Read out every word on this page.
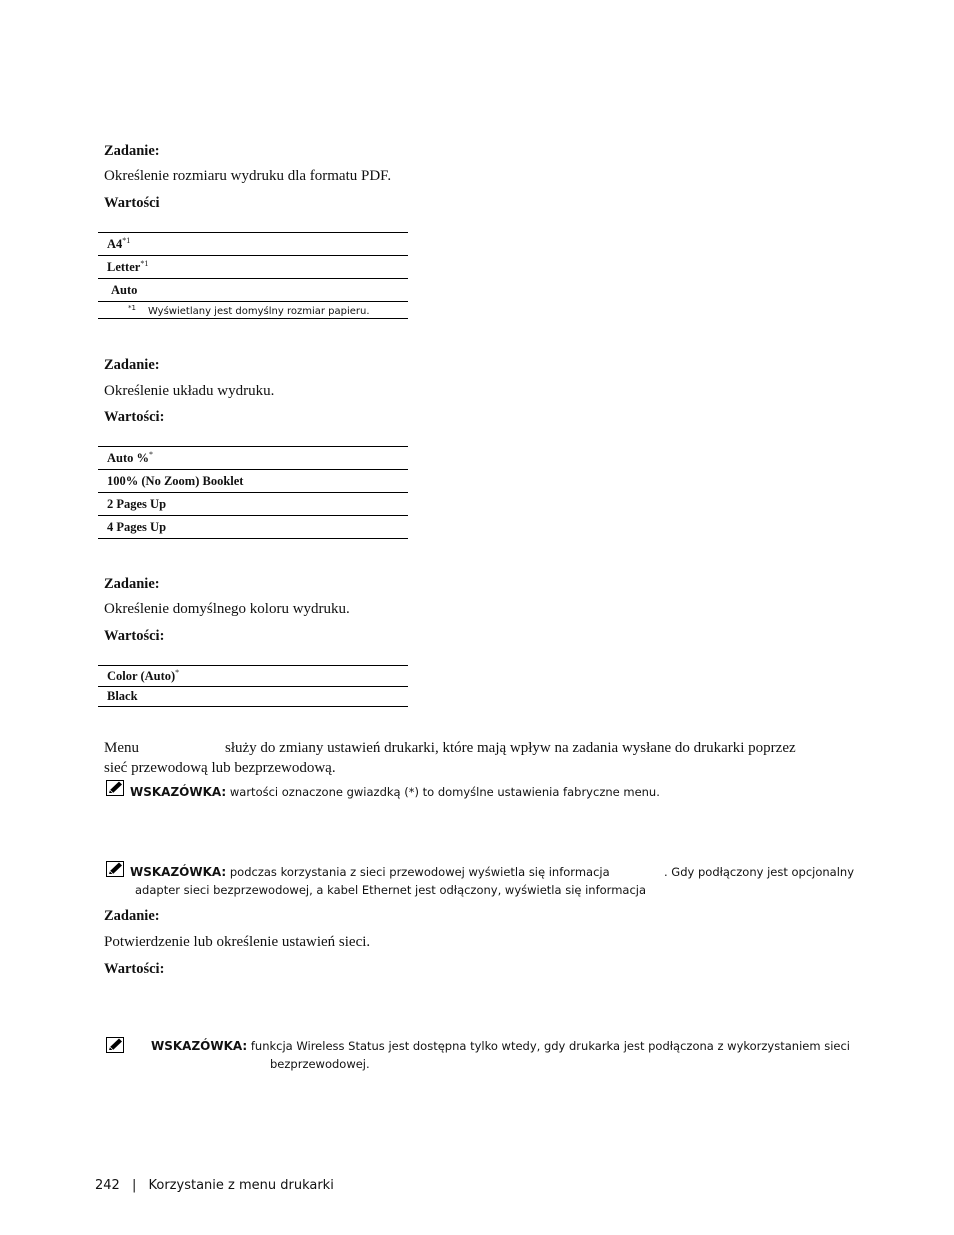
Zadanie:
Określenie rozmiaru wydruku dla formatu PDF.
Wartości
A4$^{*1}$
Letter$^{*1}$
Auto
$^{*1}$ Wyświetlany jest domyślny rozmiar papieru.
Zadanie:
Określenie układu wydruku.
Wartości:
Auto %*
100% (No Zoom) Booklet
2 Pages Up
4 Pages Up
Zadanie:
Określenie domyślnego koloru wydruku.
Wartości:
Color (Auto)*
Black
Menu	służy do zmiany ustawień drukarki, które mają wpływ na zadania wysłane do drukarki poprzez
sieć przewodową lub bezprzewodową.
WSKAZÓWKA: wartości oznaczone gwiazdką (*) to domyślne ustawienia fabryczne menu.
WSKAZÓWKA: podczas korzystania z sieci przewodowej wyświetla się informacja	. Gdy podłączony jest opcjonalny
adapter sieci bezprzewodowej, a kabel Ethernet jest odłączony, wyświetla się informacja
Zadanie:
Potwierdzenie lub określenie ustawień sieci.
Wartości:
WSKAZÓWKA: funkcja Wireless Status jest dostępna tylko wtedy, gdy drukarka jest podłączona z wykorzystaniem sieci
bezprzewodowej.
242 | Korzystanie z menu drukarki
